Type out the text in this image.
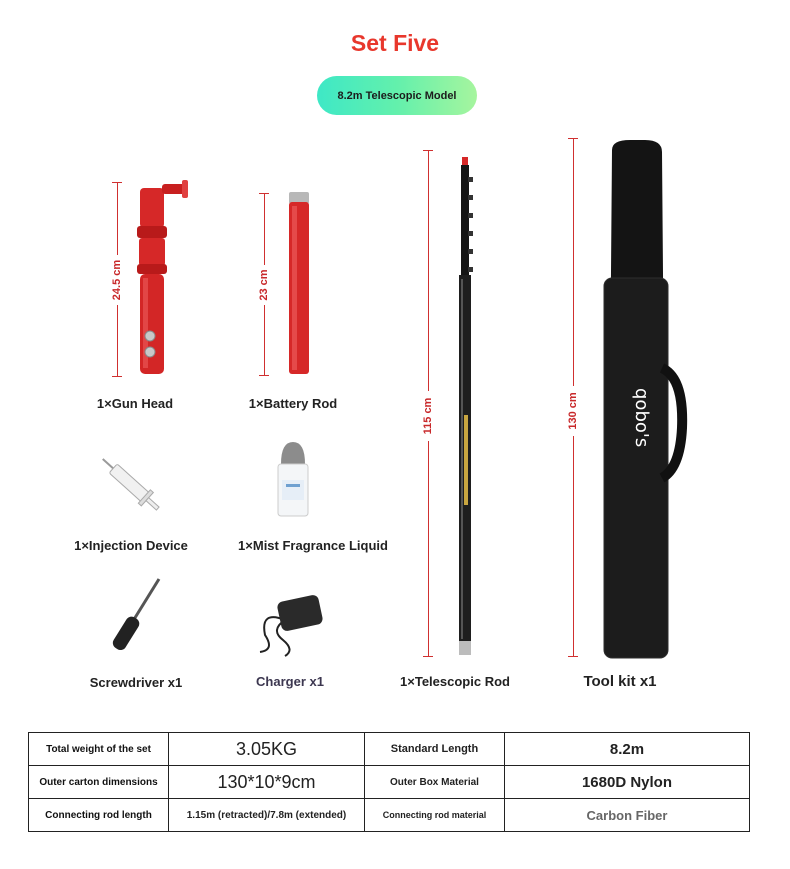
Set Five
8.2m Telescopic Model
24.5 cm
1×Gun Head
23 cm
1×Battery Rod
1×Injection Device	1×Mist Fragrance Liquid
Screwdriver x1	Charger x1
115 cm
1×Telescopic Rod
130 cm	qobo's
Tool kit x1
Total weight of the set	3.05KG	Standard Length	8.2m
Outer carton dimensions	130*10*9cm	Outer Box Material	1680D Nylon
Connecting rod length	1.15m (retracted)/7.8m (extended)	Connecting rod material	Carbon Fiber
